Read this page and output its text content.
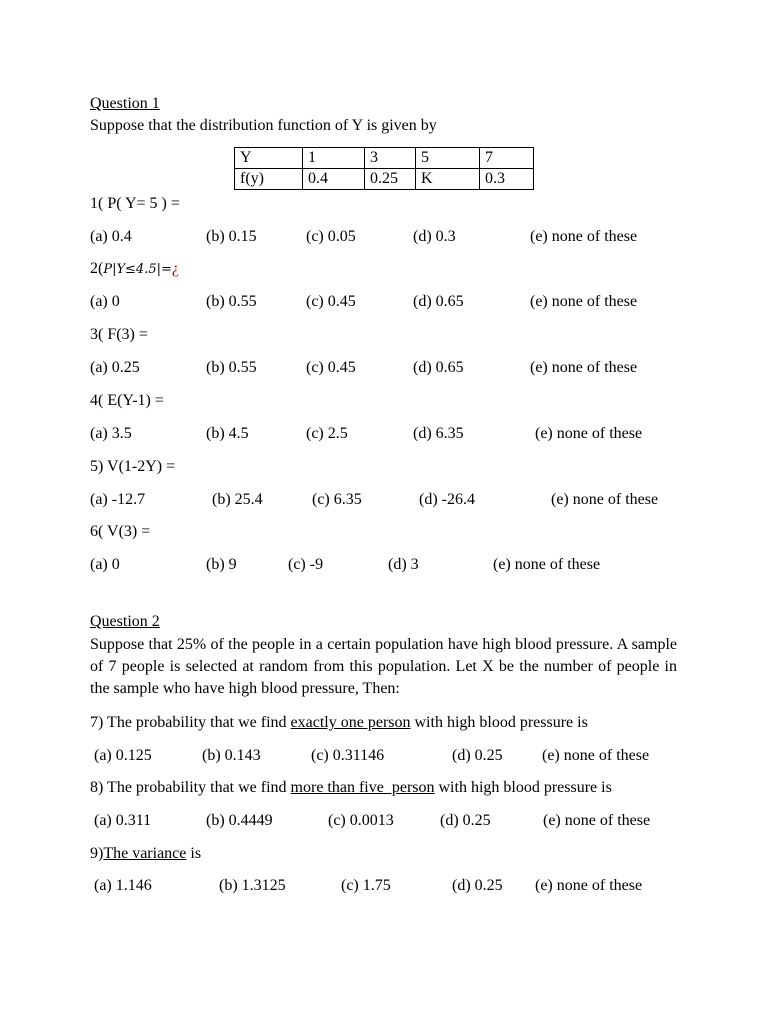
Question 1
Suppose that the distribution function of Y is given by
Y	1	3	5	7
f(y)	0.4	0.25	K	0.3
1( P( Y= 5 ) =
(a) 0.4	(b) 0.15	(c) 0.05	(d) 0.3	(e) none of these
2(P|Y≤4.5|=¿
(a) 0	(b) 0.55	(c) 0.45	(d) 0.65	(e) none of these
3( F(3) =
(a) 0.25	(b) 0.55	(c) 0.45	(d) 0.65	(e) none of these
4( E(Y-1) =
(a) 3.5	(b) 4.5	(c) 2.5	(d) 6.35	(e) none of these
5) V(1-2Y) =
(a) -12.7	(b) 25.4	(c) 6.35	(d) -26.4	(e) none of these
6( V(3) =
(a) 0	(b) 9	(c) -9	(d) 3	(e) none of these
Question 2
Suppose that 25% of the people in a certain population have high blood pressure. A sample of 7 people is selected at random from this population. Let X be the number of people in the sample who have high blood pressure, Then:
7) The probability that we find exactly one person with high blood pressure is
(a) 0.125	(b) 0.143	(c) 0.31146	(d) 0.25 (e) none of these
8) The probability that we find more than five  person with high blood pressure is
(a) 0.311	(b) 0.4449	(c) 0.0013	(d) 0.25	(e) none of these
9)The variance is
(a) 1.146	(b) 1.3125	(c) 1.75	(d) 0.25 (e) none of these
